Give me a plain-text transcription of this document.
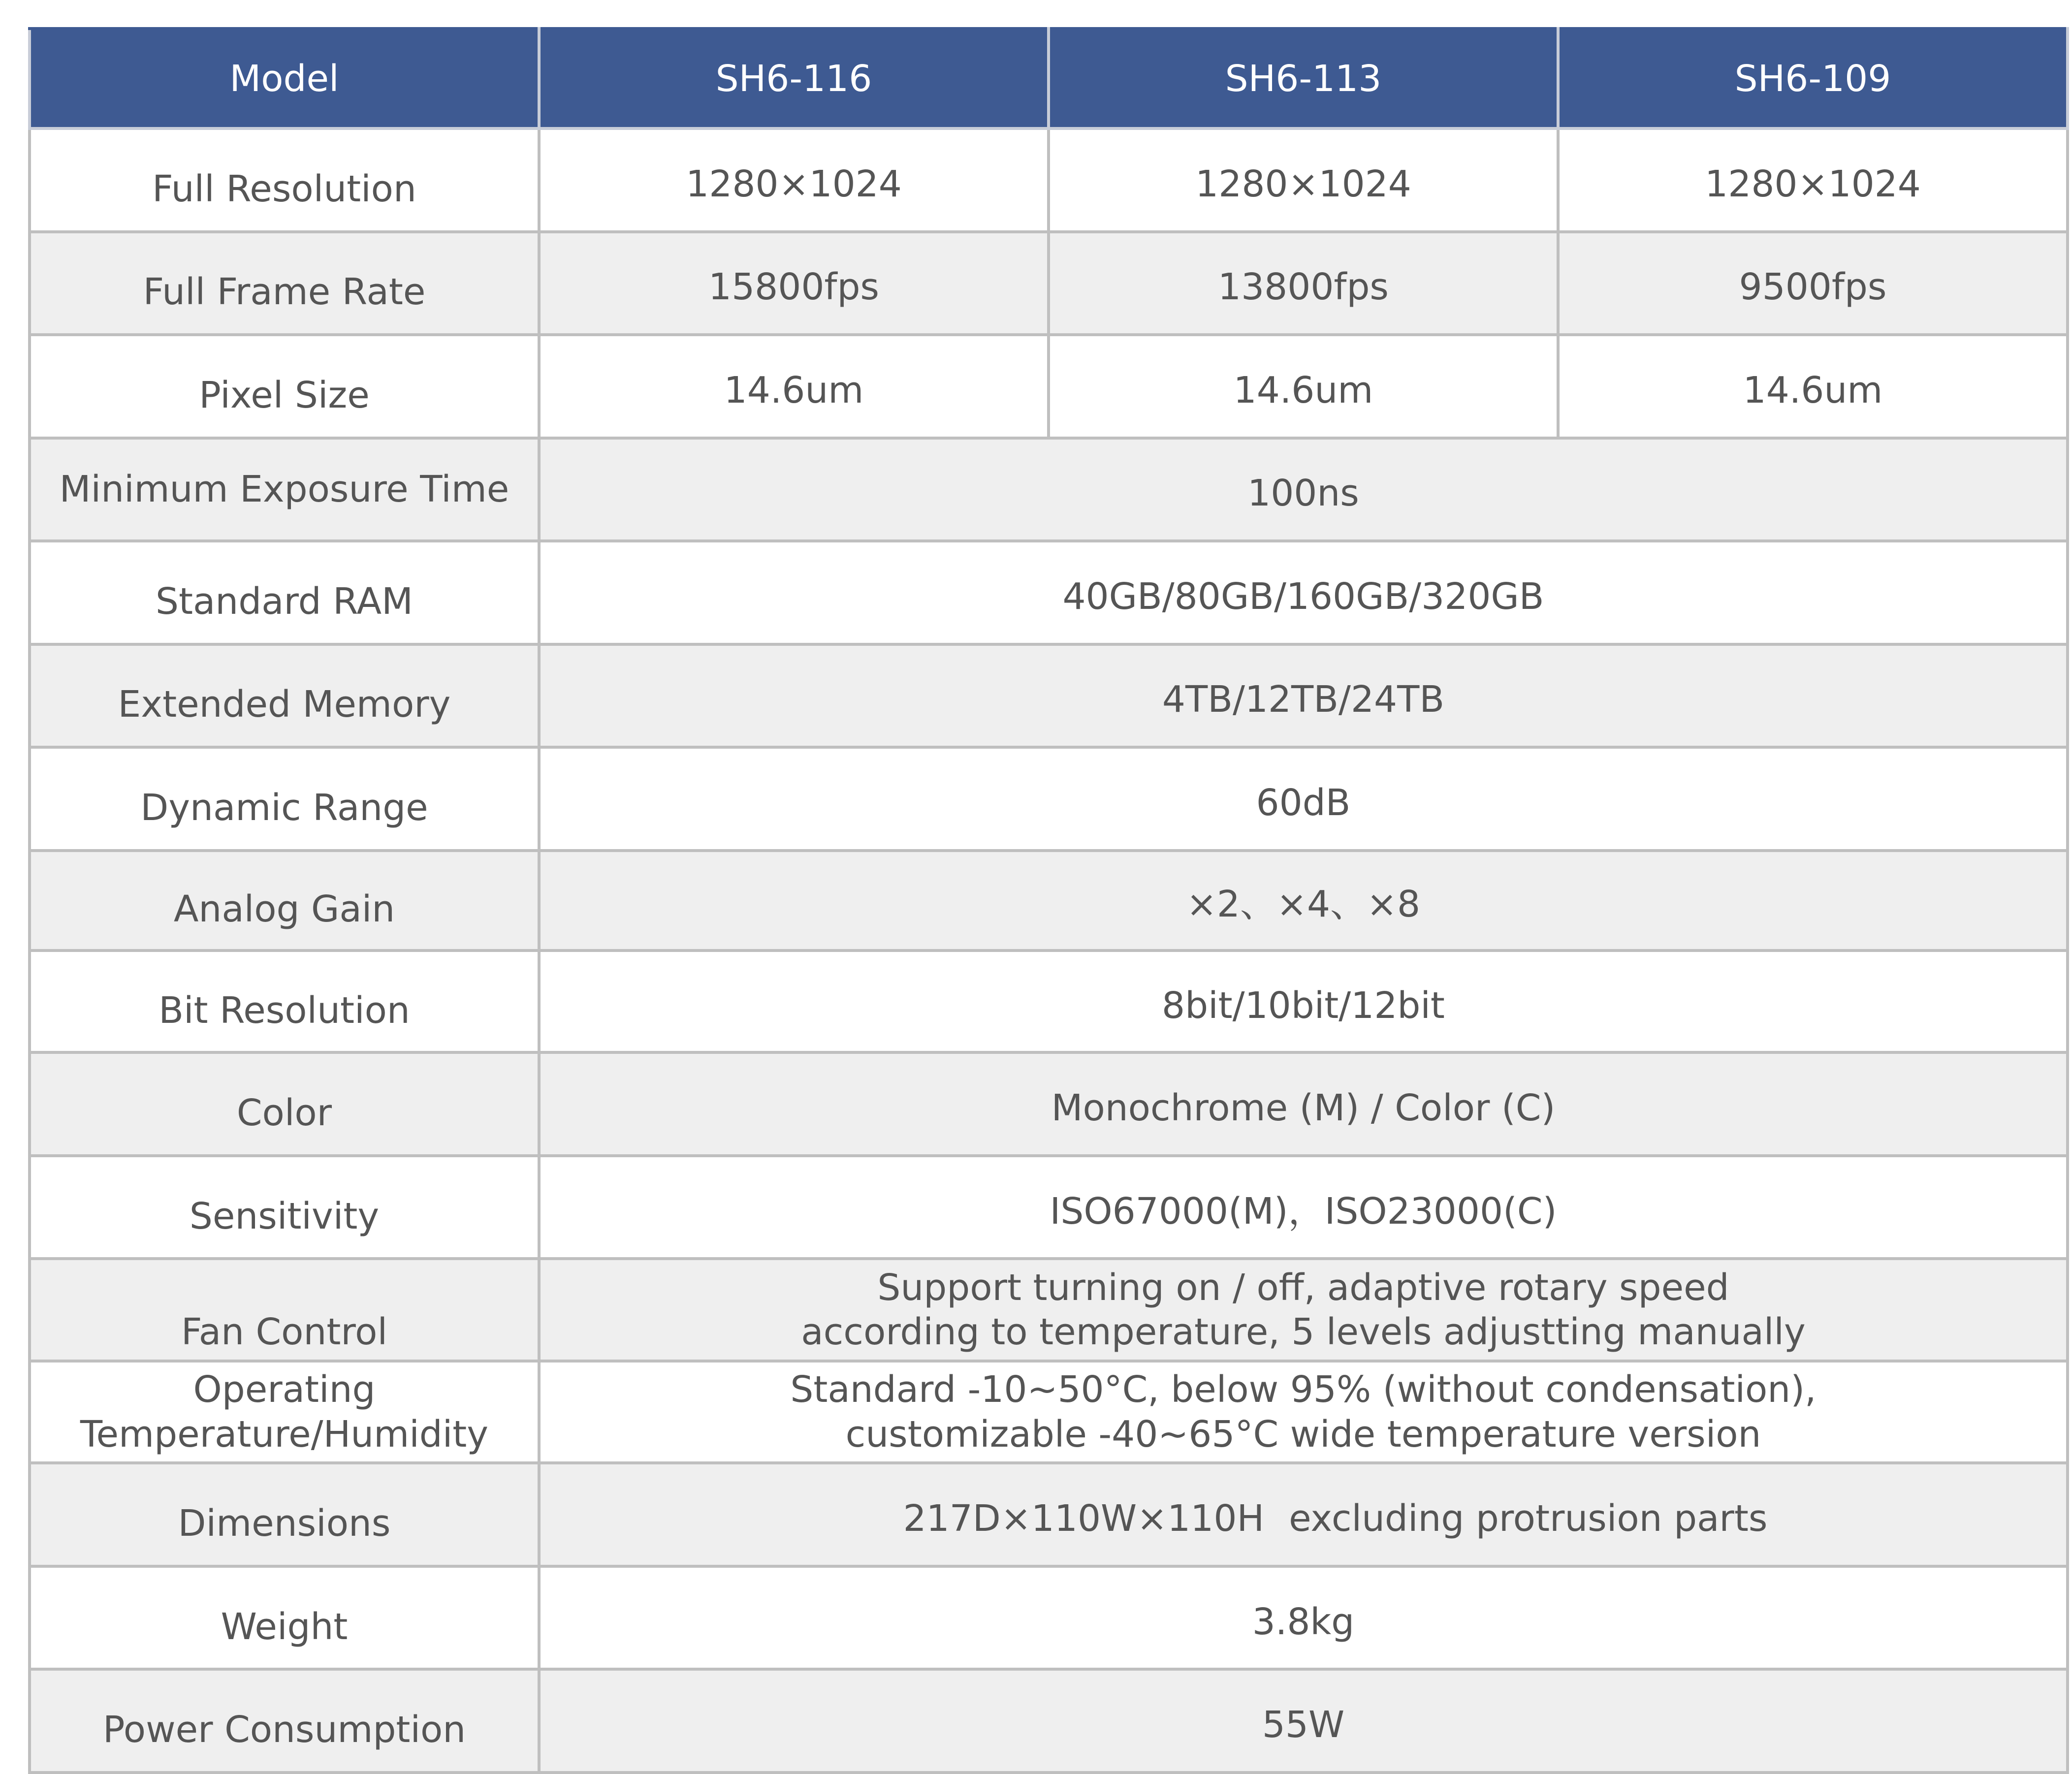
Model	SH6-116	SH6-113	SH6-109
Full Resolution	1280×1024	1280×1024	1280×1024
Full Frame Rate	15800fps	13800fps	9500fps
Pixel Size	14.6um	14.6um	14.6um
Minimum Exposure Time	100ns		
Standard RAM	40GB/80GB/160GB/320GB		
Extended Memory	4TB/12TB/24TB		
Dynamic Range	60dB		
Analog Gain	×2、×4、×8		
Bit Resolution	8bit/10bit/12bit		
Color	Monochrome (M) / Color (C)		
Sensitivity	ISO67000(M)，ISO23000(C)		
Fan Control	Support turning on / off, adaptive rotary speed
according to temperature, 5 levels adjustting manually		

Operating
Temperature/Humidity	Standard -10~50°C, below 95% (without condensation),
customizable -40~65°C wide temperature version		

Dimensions	217D×110W×110H excluding protrusion parts		
Weight	3.8kg		
Power Consumption	55W		
